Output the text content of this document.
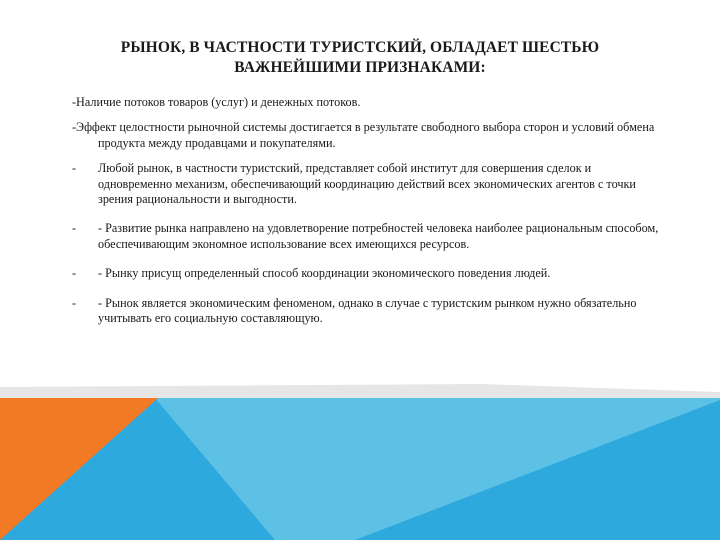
РЫНОК, В ЧАСТНОСТИ ТУРИСТСКИЙ, ОБЛАДАЕТ ШЕСТЬЮ
ВАЖНЕЙШИМИ ПРИЗНАКАМИ:

-Наличие потоков товаров (услуг) и денежных потоков.

-Эффект целостности рыночной системы достигается в результате свободного выбора сторон и условий обмена продукта между продавцами и покупателями.

- Любой рынок, в частности туристский, представляет собой институт для совершения сделок и одновременно механизм, обеспечивающий координацию действий всех экономических агентов с точки зрения рациональности и выгодности.
- - Развитие рынка направлено на удовлетворение потребностей человека наиболее рациональным способом, обеспечивающим экономное использование всех имеющихся ресурсов.
- - Рынку присущ определенный способ координации экономического поведения людей.
- - Рынок является экономическим феноменом, однако в случае с туристским рынком нужно обязательно учитывать его социальную составляющую.
